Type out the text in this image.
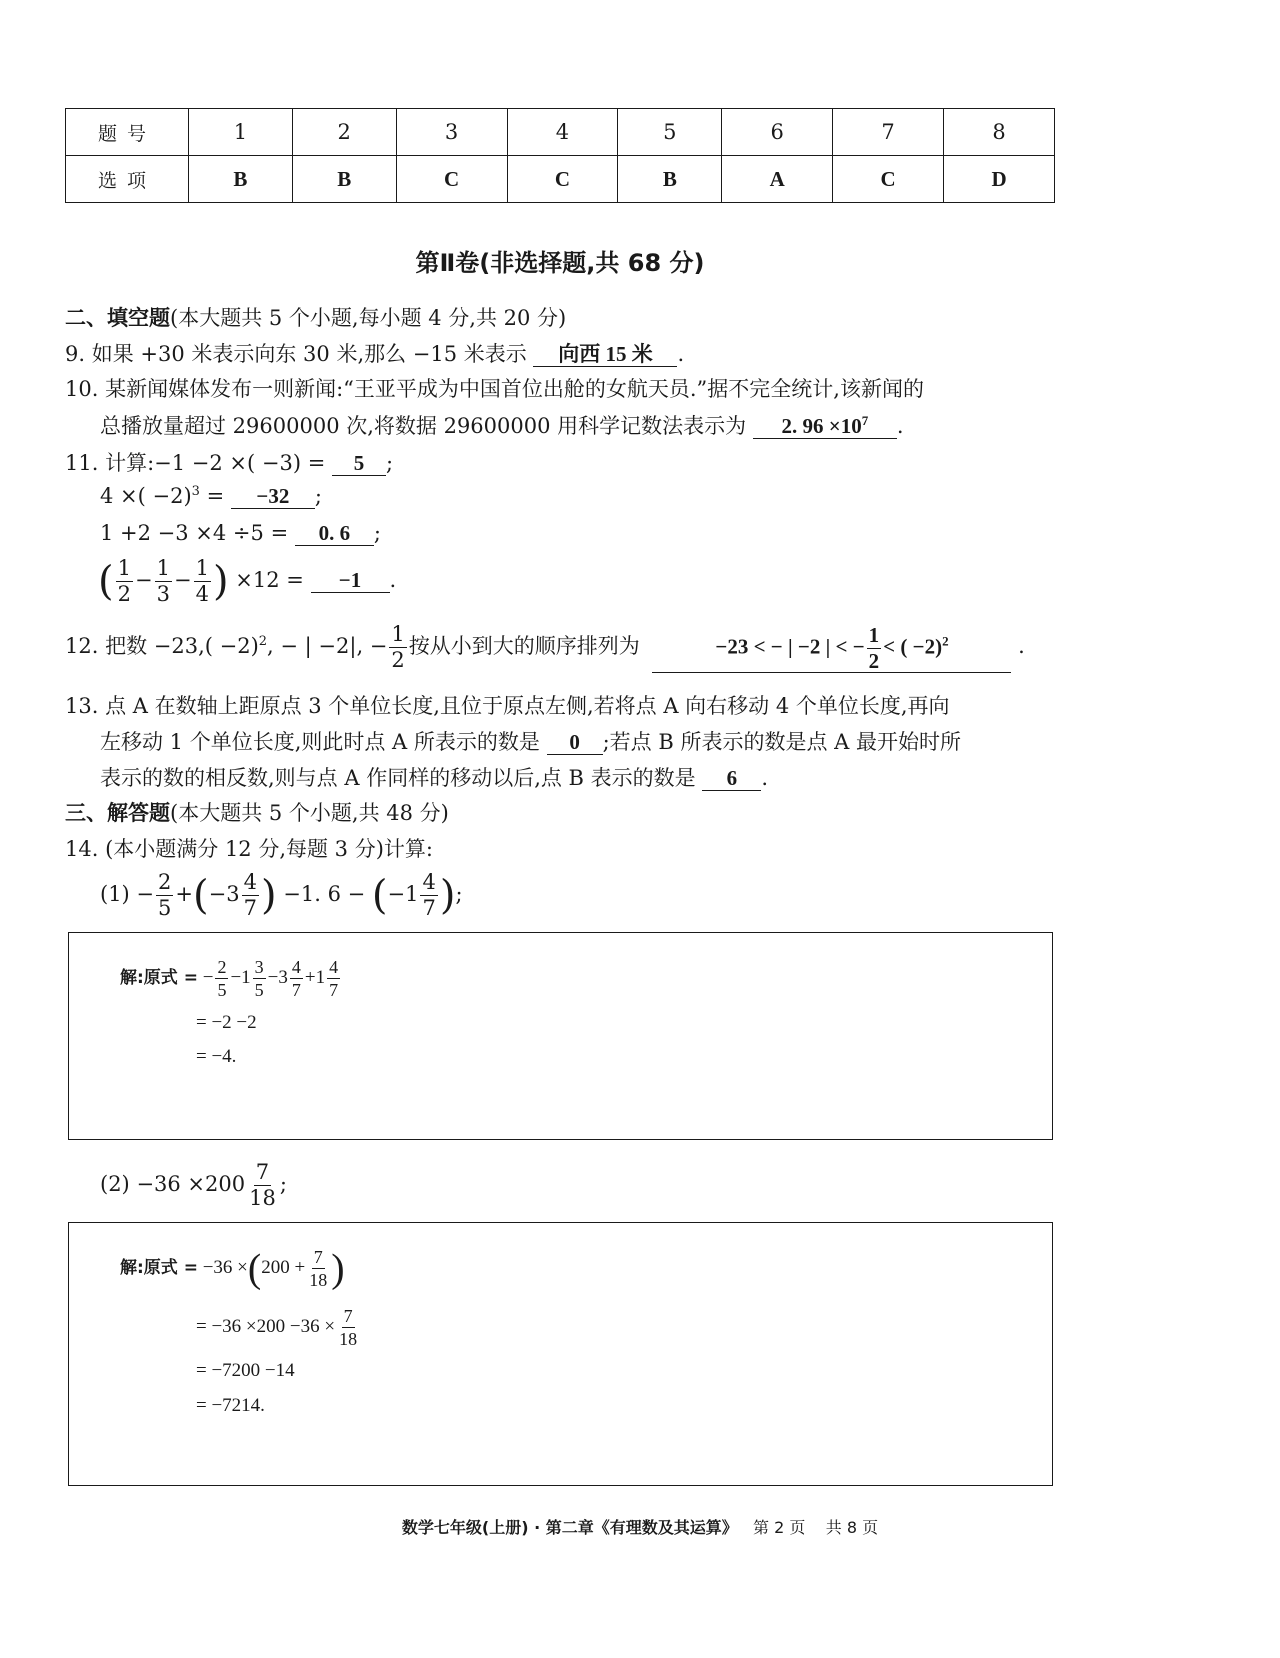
题号	1	2	3	4	5	6	7	8
选项	B	B	C	C	B	A	C	D
第Ⅱ卷(非选择题,共 68 分)
二、填空题(本大题共 5 个小题,每小题 4 分,共 20 分)
9. 如果 +30 米表示向东 30 米,那么 −15 米表示 向西 15 米 .
10. 某新闻媒体发布一则新闻:“王亚平成为中国首位出舱的女航天员.”据不完全统计,该新闻的
总播放量超过 29600000 次,将数据 29600000 用科学记数法表示为 2. $96 \times 10^7$ .
11. 计算:−1 −2 ×( −3) = 5 ;
4 ×( −2)$^3$ = −32 ;
1 +2 −3 ×4 ÷5 = 0. 6 ;
( $\frac{1}{2} - \frac{1}{3} - \frac{1}{4}$ ) ×12 = −1 .
12. 把数 $-23,( -2)^2$, − | −2|, − $\frac{1}{2}$ 按从小到大的顺序排列为	−23 < − | −2 | < − $\frac{1}{2}$ < ( −2)$^2$	.
13. 点 A 在数轴上距原点 3 个单位长度,且位于原点左侧,若将点 A 向右移动 4 个单位长度,再向
左移动 1 个单位长度,则此时点 A 所表示的数是 0 ;若点 B 所表示的数是点 A 最开始时所
表示的数的相反数,则与点 A 作同样的移动以后,点 B 表示的数是 6 .
三、解答题(本大题共 5 个小题,共 48 分)
14. (本小题满分 12 分,每题 3 分)计算:
$(1) - \frac{2}{5} +(-3 \frac{4}{7}$ ) −1. $6 - (-1 \frac{4}{7}$ );
解:原式 = − $\frac{2}{5} -1 \frac{3}{5} -3 \frac{4}{7} +1 \frac{4}{7}$
= −2 −2
= −4.
$(2) -36 \times 200 \frac{7}{18}$ ;
解:原式 = $-36 \times(200 + \frac{7}{18}$ )
= $-36 \times 200 -36 \times \frac{7}{18}$
= −7200 −14
= −7214.
数学七年级(上册) · 第二章《有理数及其运算》 第 2 页 共 8 页
